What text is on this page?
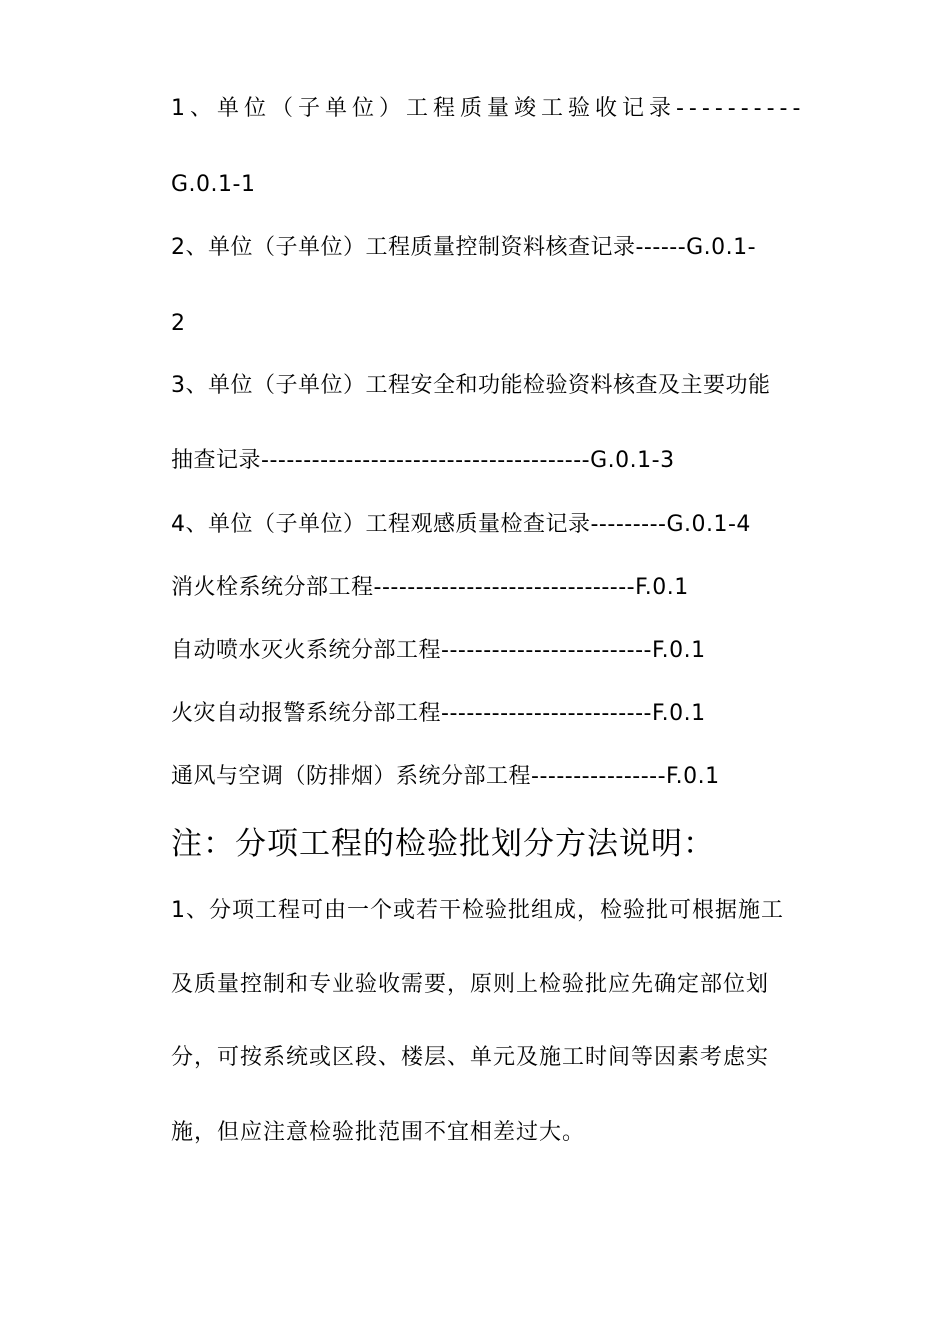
1、单位（子单位）工程质量竣工验收记录----------
G.0.1-1
2、单位（子单位）工程质量控制资料核查记录------G.0.1-
2
3、单位（子单位）工程安全和功能检验资料核查及主要功能
抽查记录---------------------------------------G.0.1-3
4、单位（子单位）工程观感质量检查记录---------G.0.1-4
消火栓系统分部工程-------------------------------F.0.1
自动喷水灭火系统分部工程-------------------------F.0.1
火灾自动报警系统分部工程-------------------------F.0.1
通风与空调（防排烟）系统分部工程----------------F.0.1
注：分项工程的检验批划分方法说明：
1、分项工程可由一个或若干检验批组成，检验批可根据施工
及质量控制和专业验收需要，原则上检验批应先确定部位划
分，可按系统或区段、楼层、单元及施工时间等因素考虑实
施，但应注意检验批范围不宜相差过大。
